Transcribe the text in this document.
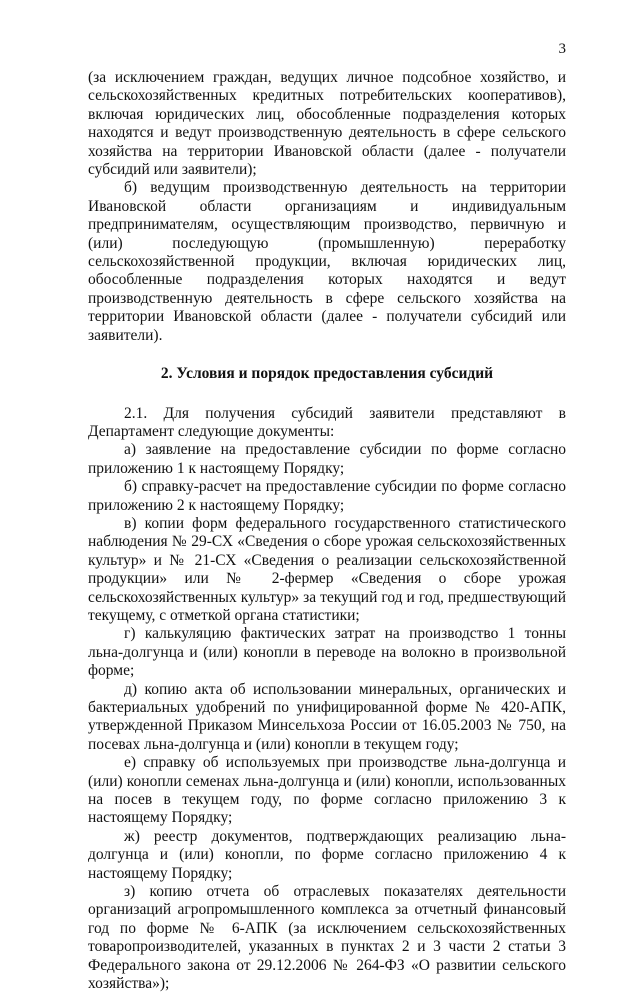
3

(за исключением граждан, ведущих личное подсобное хозяйство, и сельскохозяйственных кредитных потребительских кооперативов), включая юридических лиц, обособленные подразделения которых находятся и ведут производственную деятельность в сфере сельского хозяйства на территории Ивановской области (далее - получатели субсидий или заявители);

б) ведущим производственную деятельность на территории Ивановской области организациям и индивидуальным предпринимателям, осуществляющим производство, первичную и (или) последующую (промышленную) переработку сельскохозяйственной продукции, включая юридических лиц, обособленные подразделения которых находятся и ведут производственную деятельность в сфере сельского хозяйства на территории Ивановской области (далее - получатели субсидий или заявители).

2. Условия и порядок предоставления субсидий

2.1. Для получения субсидий заявители представляют в Департамент следующие документы:

а) заявление на предоставление субсидии по форме согласно приложению 1 к настоящему Порядку;

б) справку-расчет на предоставление субсидии по форме согласно приложению 2 к настоящему Порядку;

в) копии форм федерального государственного статистического наблюдения № 29-СХ «Сведения о сборе урожая сельскохозяйственных культур» и № 21-СХ «Сведения о реализации сельскохозяйственной продукции» или № 2-фермер «Сведения о сборе урожая сельскохозяйственных культур» за текущий год и год, предшествующий текущему, с отметкой органа статистики;

г) калькуляцию фактических затрат на производство 1 тонны льна-долгунца и (или) конопли в переводе на волокно в произвольной форме;

д) копию акта об использовании минеральных, органических и бактериальных удобрений по унифицированной форме № 420-АПК, утвержденной Приказом Минсельхоза России от 16.05.2003 № 750, на посевах льна-долгунца и (или) конопли в текущем году;

е) справку об используемых при производстве льна-долгунца и (или) конопли семенах льна-долгунца и (или) конопли, использованных на посев в текущем году, по форме согласно приложению 3 к настоящему Порядку;

ж) реестр документов, подтверждающих реализацию льна-долгунца и (или) конопли, по форме согласно приложению 4 к настоящему Порядку;

з) копию отчета об отраслевых показателях деятельности организаций агропромышленного комплекса за отчетный финансовый год по форме № 6-АПК (за исключением сельскохозяйственных товаропроизводителей, указанных в пунктах 2 и 3 части 2 статьи 3 Федерального закона от 29.12.2006 № 264-ФЗ «О развитии сельского хозяйства»);
